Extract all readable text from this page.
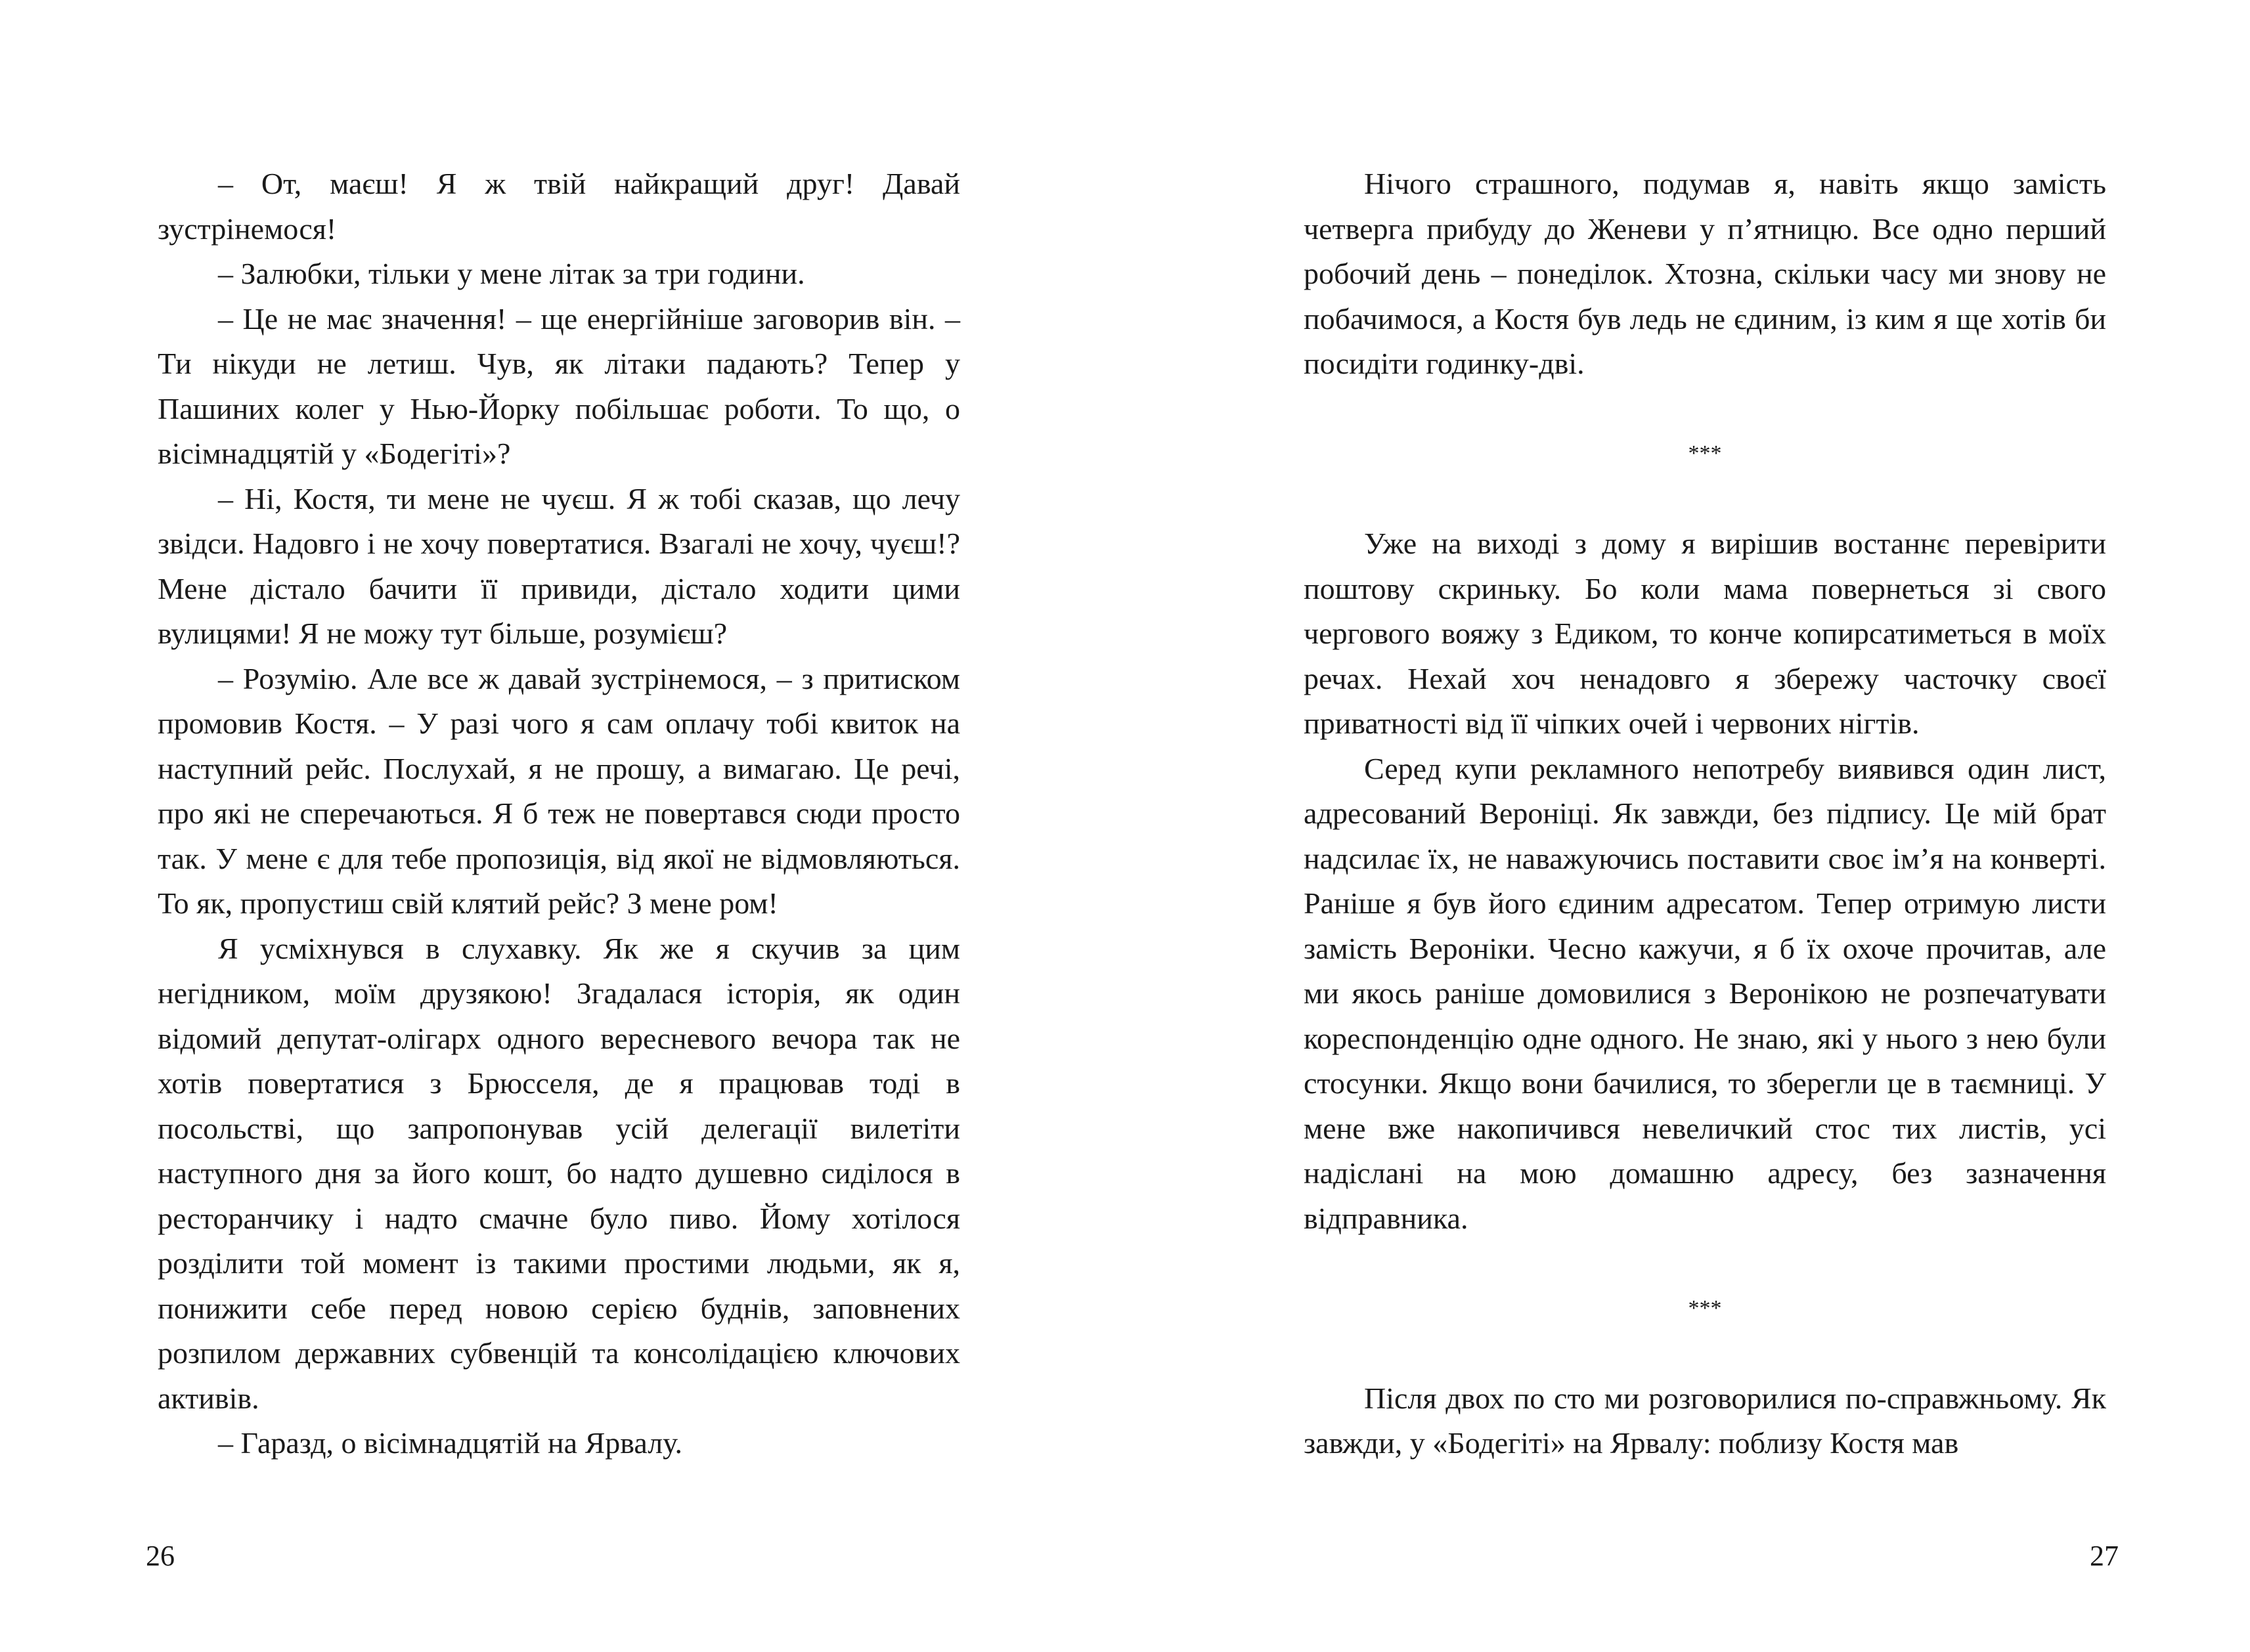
– От, маєш! Я ж твій найкращий друг! Давай зустрінемося!

– Залюбки, тільки у мене літак за три години.

– Це не має значення! – ще енергійніше заговорив він. – Ти нікуди не летиш. Чув, як літаки падають? Тепер у Пашиних колег у Нью-Йорку побільшає роботи. То що, о вісімнадцятій у «Бодегіті»?

– Ні, Костя, ти мене не чуєш. Я ж тобі сказав, що лечу звідси. Надовго і не хочу повертатися. Взагалі не хочу, чуєш!? Мене дістало бачити її привиди, дістало ходити цими вулицями! Я не можу тут більше, розумієш?

– Розумію. Але все ж давай зустрінемося, – з притиском промовив Костя. – У разі чого я сам оплачу тобі квиток на наступний рейс. Послухай, я не прошу, а вимагаю. Це речі, про які не сперечаються. Я б теж не повертався сюди просто так. У мене є для тебе пропозиція, від якої не відмовляються. То як, пропустиш свій клятий рейс? З мене ром!

Я усміхнувся в слухавку. Як же я скучив за цим негідником, моїм друзякою! Згадалася історія, як один відомий депутат-олігарх одного вересневого вечора так не хотів повертатися з Брюсселя, де я працював тоді в посольстві, що запропонував усій делегації вилетіти наступного дня за його кошт, бо надто душевно сиділося в ресторанчику і надто смачне було пиво. Йому хотілося розділити той момент із такими простими людьми, як я, понижити себе перед новою серією буднів, заповнених розпилом державних субвенцій та консолідацією ключових активів.

– Гаразд, о вісімнадцятій на Ярвалу.

26

Нічого страшного, подумав я, навіть якщо замість четверга прибуду до Женеви у п’ятницю. Все одно перший робочий день – понеділок. Хтозна, скільки часу ми знову не побачимося, а Костя був ледь не єдиним, із ким я ще хотів би посидіти годинку-дві.

***

Уже на виході з дому я вирішив востаннє перевірити поштову скриньку. Бо коли мама повернеться зі свого чергового вояжу з Едиком, то конче копирсатиметься в моїх речах. Нехай хоч ненадовго я збережу часточку своєї приватності від її чіпких очей і червоних нігтів.

Серед купи рекламного непотребу виявився один лист, адресований Вероніці. Як завжди, без підпису. Це мій брат надсилає їх, не наважуючись поставити своє ім’я на конверті. Раніше я був його єдиним адресатом. Тепер отримую листи замість Вероніки. Чесно кажучи, я б їх охоче прочитав, але ми якось раніше домовилися з Веронікою не розпечатувати кореспонденцію одне одного. Не знаю, які у нього з нею були стосунки. Якщо вони бачилися, то зберегли це в таємниці. У мене вже накопичився невеличкий стос тих листів, усі надіслані на мою домашню адресу, без зазначення відправника.

***

Після двох по сто ми розговорилися по-справжньому. Як завжди, у «Бодегіті» на Ярвалу: поблизу Костя мав

27
